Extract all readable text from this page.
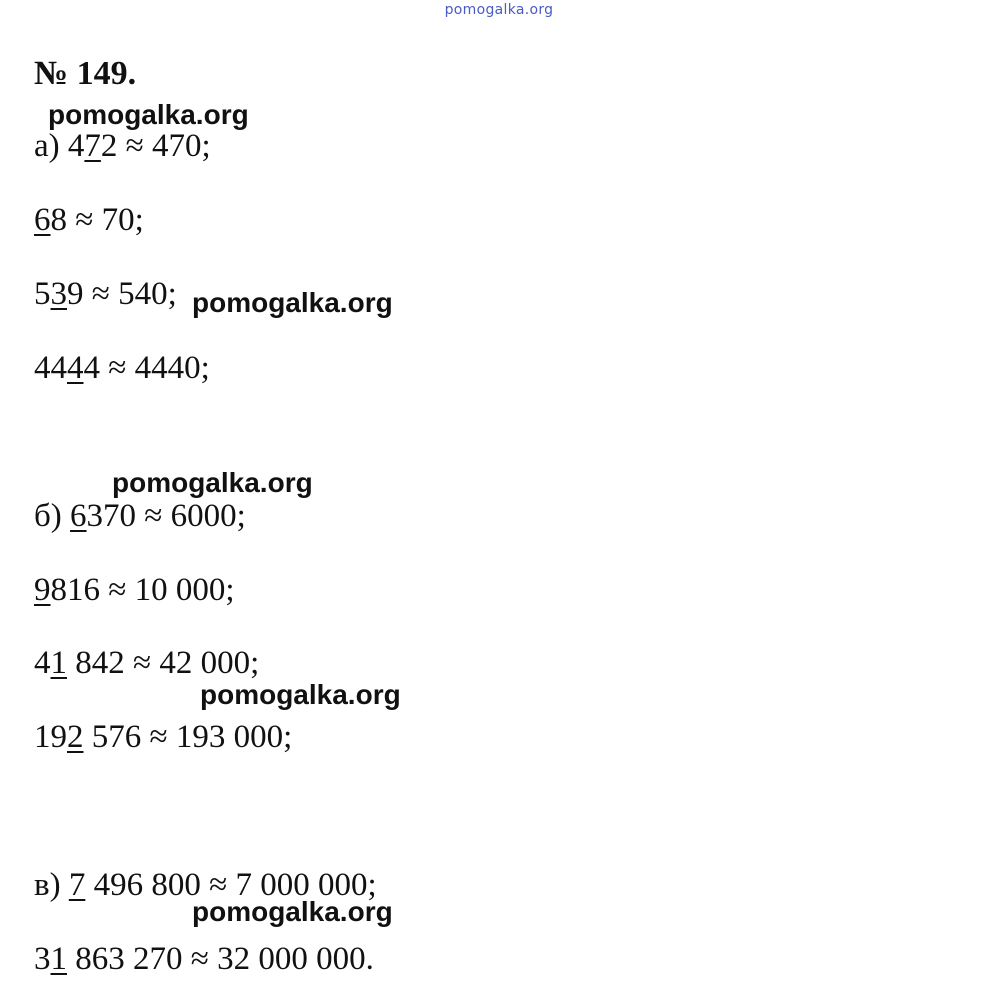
pomogalka.org
№ 149.
а) 472 ≈ 470;
68 ≈ 70;
539 ≈ 540;
4444 ≈ 4440;
б) 6370 ≈ 6000;
9816 ≈ 10 000;
41 842 ≈ 42 000;
192 576 ≈ 193 000;
в) 7 496 800 ≈ 7 000 000;
31 863 270 ≈ 32 000 000.
pomogalka.org
pomogalka.org
pomogalka.org
pomogalka.org
pomogalka.org
